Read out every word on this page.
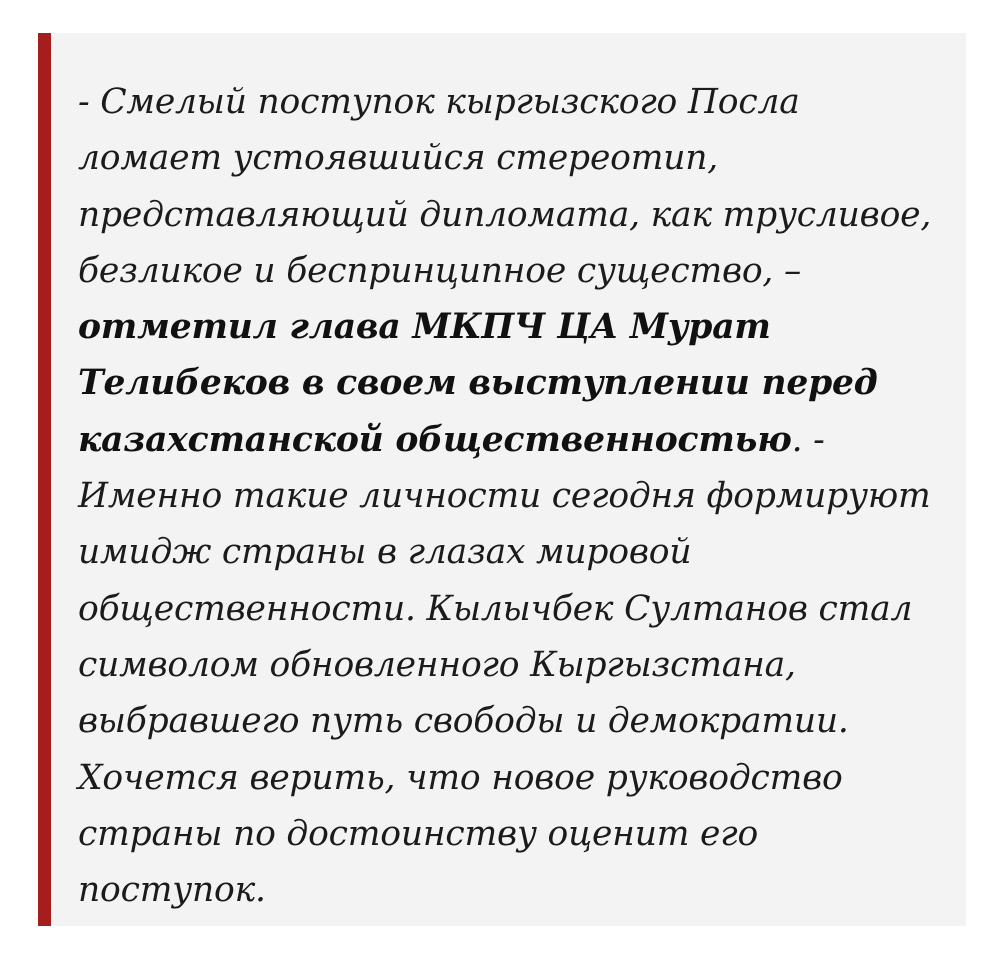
- Смелый поступок кыргызского Посла
ломает устоявшийся стереотип,
представляющий дипломата, как трусливое,
безликое и беспринципное существо, –
отметил глава МКПЧ ЦА Мурат
Телибеков в своем выступлении перед
казахстанской общественностью. -
Именно такие личности сегодня формируют
имидж страны в глазах мировой
общественности. Кылычбек Султанов стал
символом обновленного Кыргызстана,
выбравшего путь свободы и демократии.
Хочется верить, что новое руководство
страны по достоинству оценит его
поступок.
